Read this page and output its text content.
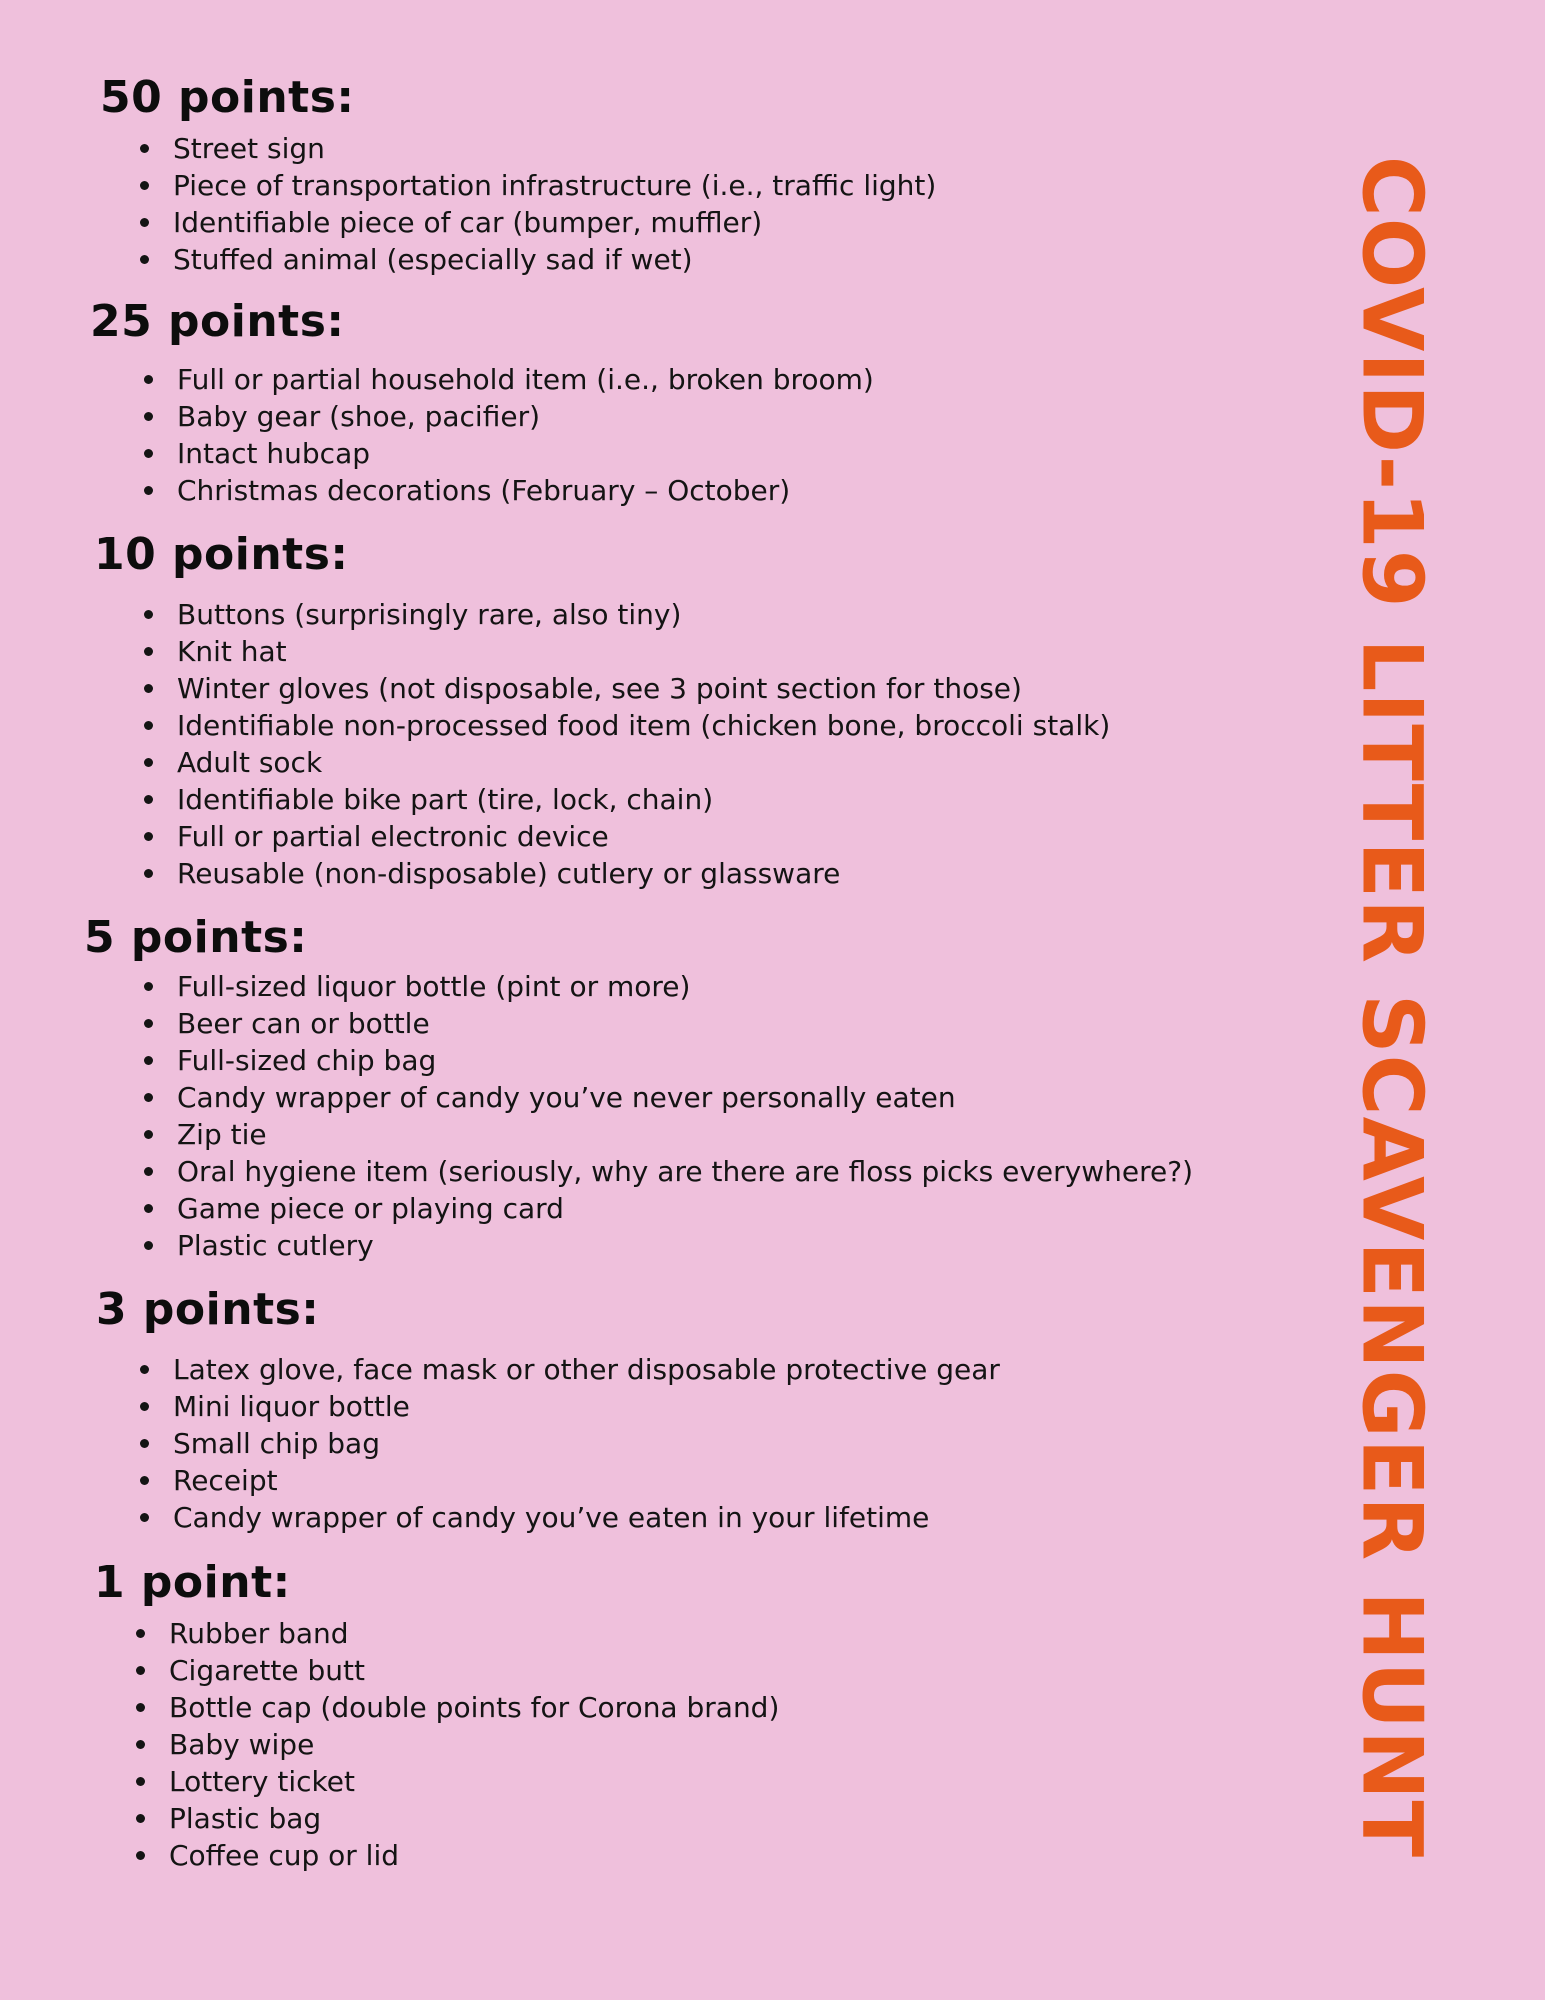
COVID-19 LITTER SCAVENGER HUNT
50 points:
Street sign
Piece of transportation infrastructure (i.e., traffic light)
Identifiable piece of car (bumper, muffler)
Stuffed animal (especially sad if wet)
25 points:
Full or partial household item (i.e., broken broom)
Baby gear (shoe, pacifier)
Intact hubcap
Christmas decorations (February – October)
10 points:
Buttons (surprisingly rare, also tiny)
Knit hat
Winter gloves (not disposable, see 3 point section for those)
Identifiable non-processed food item (chicken bone, broccoli stalk)
Adult sock
Identifiable bike part (tire, lock, chain)
Full or partial electronic device
Reusable (non-disposable) cutlery or glassware
5 points:
Full-sized liquor bottle (pint or more)
Beer can or bottle
Full-sized chip bag
Candy wrapper of candy you’ve never personally eaten
Zip tie
Oral hygiene item (seriously, why are there are floss picks everywhere?)
Game piece or playing card
Plastic cutlery
3 points:
Latex glove, face mask or other disposable protective gear
Mini liquor bottle
Small chip bag
Receipt
Candy wrapper of candy you’ve eaten in your lifetime
1 point:
Rubber band
Cigarette butt
Bottle cap (double points for Corona brand)
Baby wipe
Lottery ticket
Plastic bag
Coffee cup or lid
